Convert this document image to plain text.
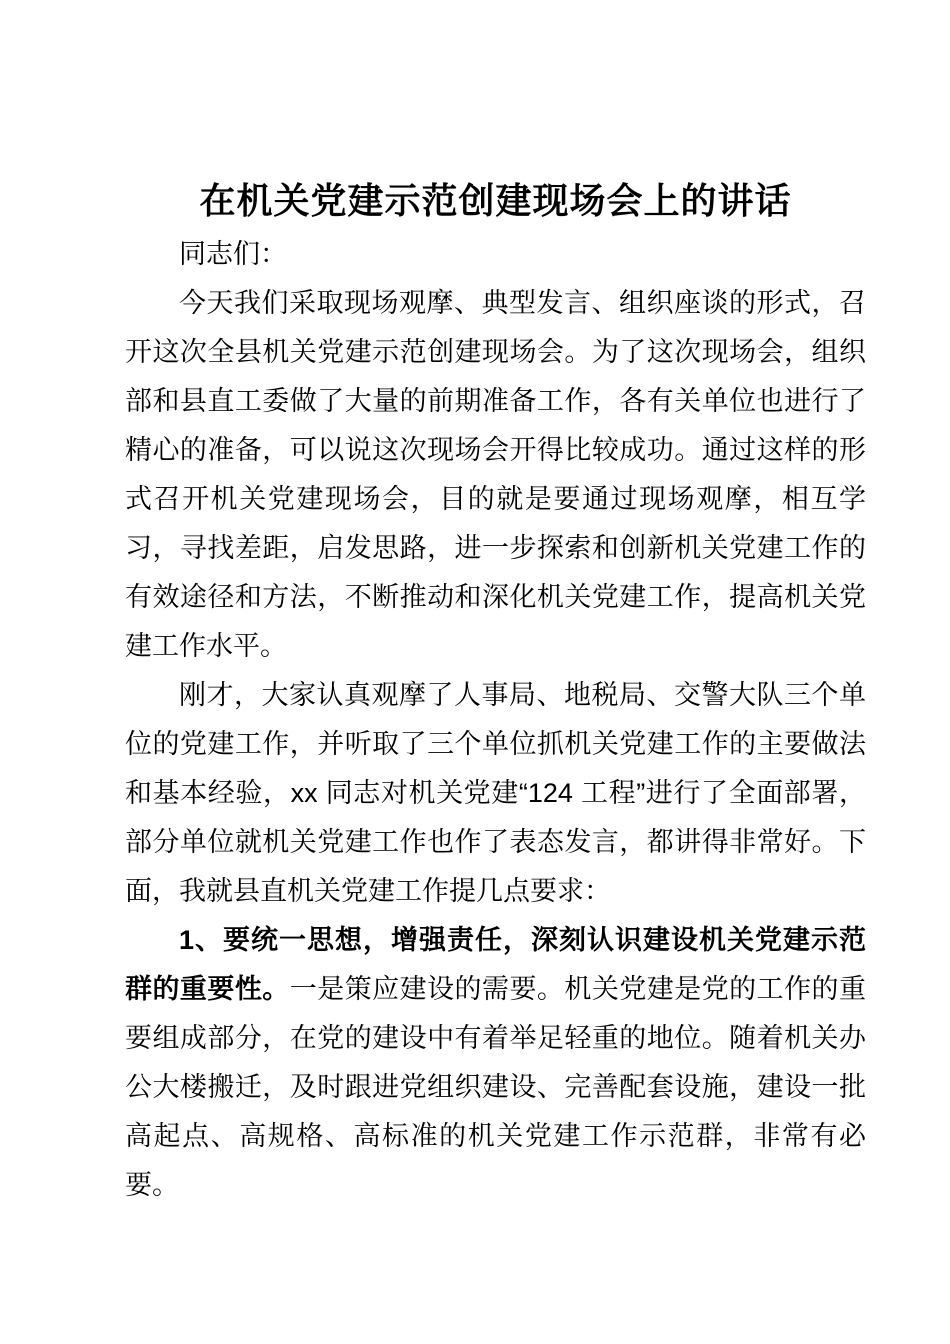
在机关党建示范创建现场会上的讲话

同志们：

今天我们采取现场观摩、典型发言、组织座谈的形式，召开这次全县机关党建示范创建现场会。为了这次现场会，组织部和县直工委做了大量的前期准备工作，各有关单位也进行了精心的准备，可以说这次现场会开得比较成功。通过这样的形式召开机关党建现场会，目的就是要通过现场观摩，相互学习，寻找差距，启发思路，进一步探索和创新机关党建工作的有效途径和方法，不断推动和深化机关党建工作，提高机关党建工作水平。

刚才，大家认真观摩了人事局、地税局、交警大队三个单位的党建工作，并听取了三个单位抓机关党建工作的主要做法和基本经验，xx 同志对机关党建“124 工程”进行了全面部署，部分单位就机关党建工作也作了表态发言，都讲得非常好。下面，我就县直机关党建工作提几点要求：

1、要统一思想，增强责任，深刻认识建设机关党建示范群的重要性。一是策应建设的需要。机关党建是党的工作的重要组成部分，在党的建设中有着举足轻重的地位。随着机关办公大楼搬迁，及时跟进党组织建设、完善配套设施，建设一批高起点、高规格、高标准的机关党建工作示范群，非常有必要。
